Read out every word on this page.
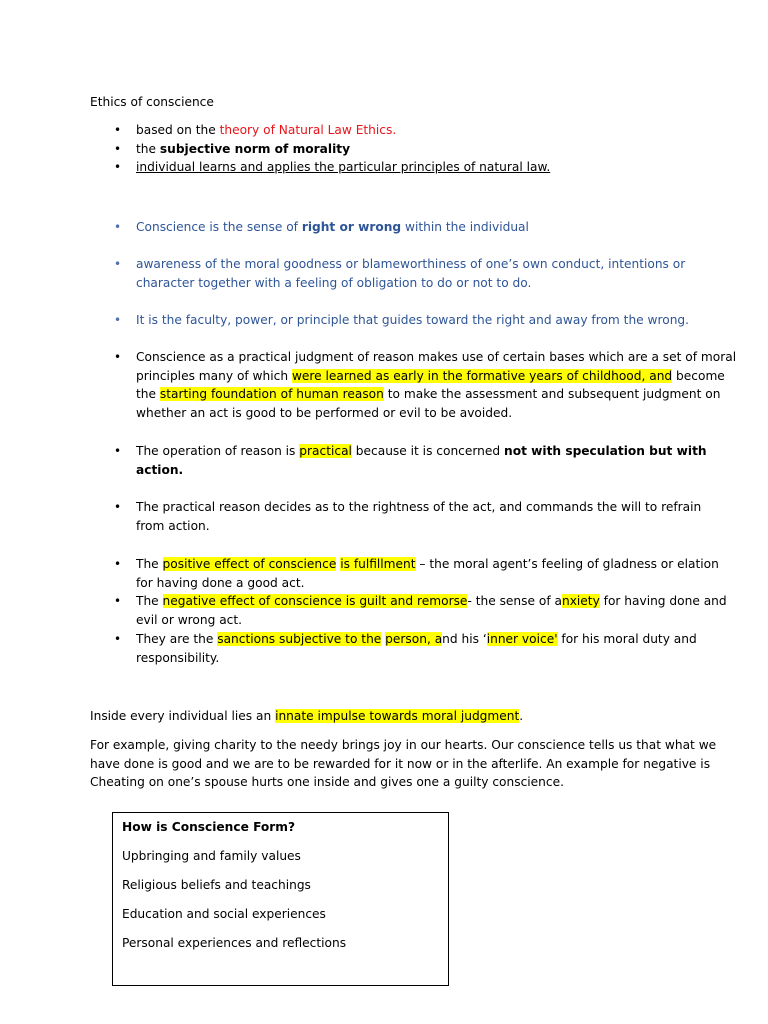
Ethics of conscience

• based on the theory of Natural Law Ethics.
• the subjective norm of morality
• individual learns and applies the particular principles of natural law.
• Conscience is the sense of right or wrong within the individual
• awareness of the moral goodness or blameworthiness of one’s own conduct, intentions or
character together with a feeling of obligation to do or not to do.
• It is the faculty, power, or principle that guides toward the right and away from the wrong.
• Conscience as a practical judgment of reason makes use of certain bases which are a set of moral
principles many of which were learned as early in the formative years of childhood, and become
the starting foundation of human reason to make the assessment and subsequent judgment on
whether an act is good to be performed or evil to be avoided.
• The operation of reason is practical because it is concerned not with speculation but with
action.
• The practical reason decides as to the rightness of the act, and commands the will to refrain
from action.
• The positive effect of conscience is fulfillment – the moral agent’s feeling of gladness or elation
for having done a good act.
• The negative effect of conscience is guilt and remorse- the sense of anxiety for having done and
evil or wrong act.
• They are the sanctions subjective to the person, and his ‘inner voice' for his moral duty and
responsibility.

Inside every individual lies an innate impulse towards moral judgment.

For example, giving charity to the needy brings joy in our hearts. Our conscience tells us that what we
have done is good and we are to be rewarded for it now or in the afterlife. An example for negative is
Cheating on one’s spouse hurts one inside and gives one a guilty conscience.

How is Conscience Form?
Upbringing and family values
Religious beliefs and teachings
Education and social experiences
Personal experiences and reflections
